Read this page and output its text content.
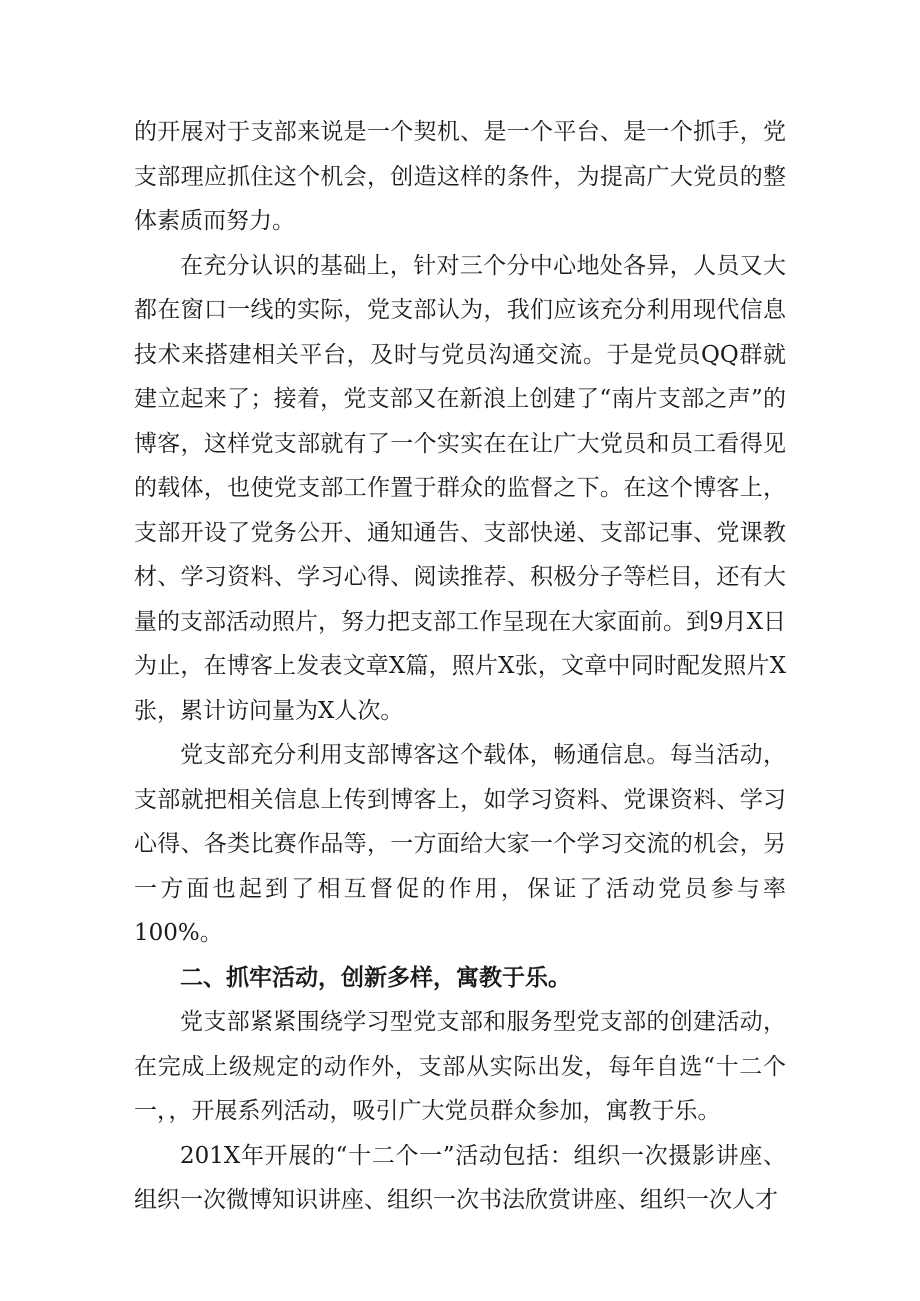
的开展对于支部来说是一个契机、是一个平台、是一个抓手，党支部理应抓住这个机会，创造这样的条件，为提高广大党员的整体素质而努力。

在充分认识的基础上，针对三个分中心地处各异，人员又大都在窗口一线的实际，党支部认为，我们应该充分利用现代信息技术来搭建相关平台，及时与党员沟通交流。于是党员QQ群就建立起来了；接着，党支部又在新浪上创建了“南片支部之声”的博客，这样党支部就有了一个实实在在让广大党员和员工看得见的载体，也使党支部工作置于群众的监督之下。在这个博客上，支部开设了党务公开、通知通告、支部快递、支部记事、党课教材、学习资料、学习心得、阅读推荐、积极分子等栏目，还有大量的支部活动照片，努力把支部工作呈现在大家面前。到9月X日为止，在博客上发表文章X篇，照片X张，文章中同时配发照片X张，累计访问量为X人次。

党支部充分利用支部博客这个载体，畅通信息。每当活动，支部就把相关信息上传到博客上，如学习资料、党课资料、学习心得、各类比赛作品等，一方面给大家一个学习交流的机会，另一方面也起到了相互督促的作用，保证了活动党员参与率100%。

二、抓牢活动，创新多样，寓教于乐。

党支部紧紧围绕学习型党支部和服务型党支部的创建活动，在完成上级规定的动作外，支部从实际出发，每年自选“十二个一，，开展系列活动，吸引广大党员群众参加，寓教于乐。

201X年开展的“十二个一”活动包括：组织一次摄影讲座、组织一次微博知识讲座、组织一次书法欣赏讲座、组织一次人才
